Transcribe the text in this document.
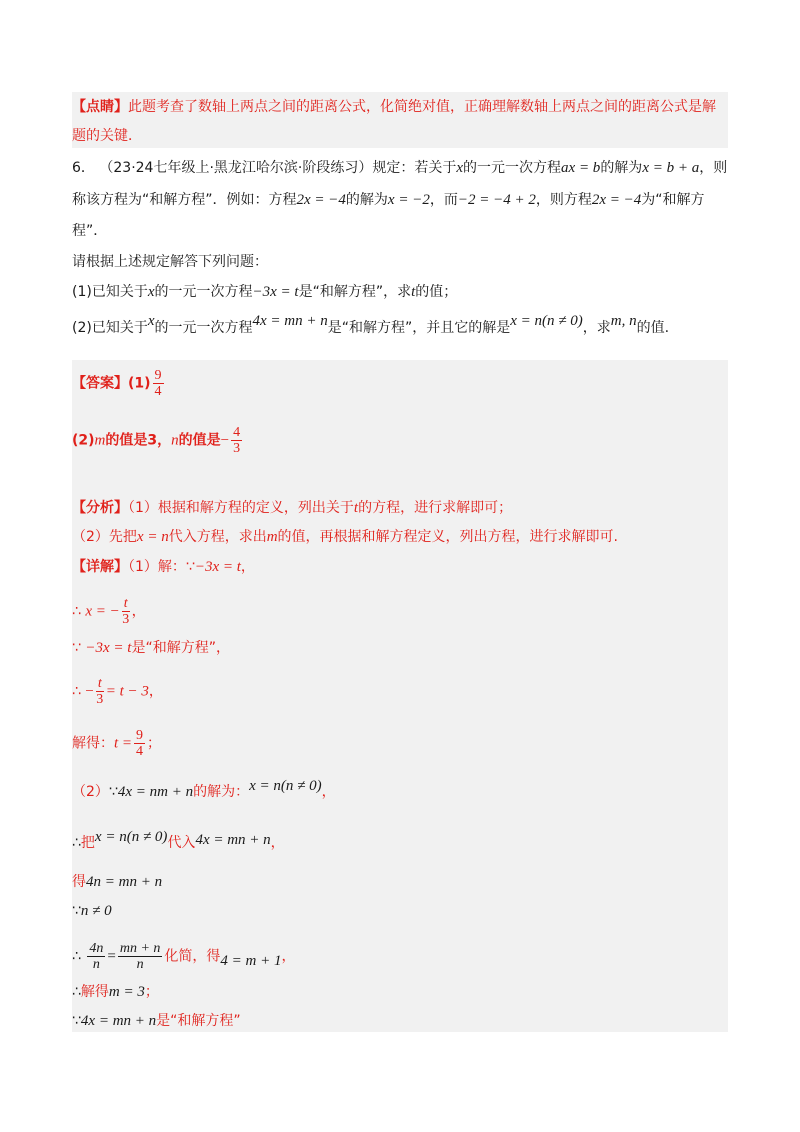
【点睛】此题考查了数轴上两点之间的距离公式，化简绝对值，正确理解数轴上两点之间的距离公式是解
题的关键．
6． （23·24七年级上·黑龙江哈尔滨·阶段练习）规定：若关于x的一元一次方程ax = b的解为x = b + a，则
称该方程为“和解方程”．例如：方程2x = −4的解为x = −2，而−2 = −4 + 2，则方程2x = −4为“和解方
程”．
请根据上述规定解答下列问题：
(1)已知关于x的一元一次方程−3x = t是“和解方程”，求t的值；
(2)已知关于x的一元一次方程4x = mn + n是“和解方程”，并且它的解是x = n(n ≠ 0)，求m, n的值.
【答案】$(1) \frac{9}{4}$
(2)m的值是3，n的值是− $\frac{4}{3}$
【分析】（1）根据和解方程的定义，列出关于t的方程，进行求解即可；
（2）先把x = n代入方程，求出m的值，再根据和解方程定义，列出方程，进行求解即可.
【详解】（1）解：∵−3x = t，
∴ x = − $\frac{t}{3}$ ，
∵ −3x = t是“和解方程”，
∴ − $\frac{t}{3} = t - 3$，
解得：$t = \frac{9}{4}$ ；
（2）∵4x = nm + n的解为：x = n(n ≠ 0)，
∴把x = n(n ≠ 0)代入4x = mn + n，
得4n = mn + n
∵n ≠ 0
∴ $\frac{4n}{n} = \frac{mn + n}{n}$ 化简，得4 = m + 1，
∴解得m = 3；
∵4x = mn + n是“和解方程”
